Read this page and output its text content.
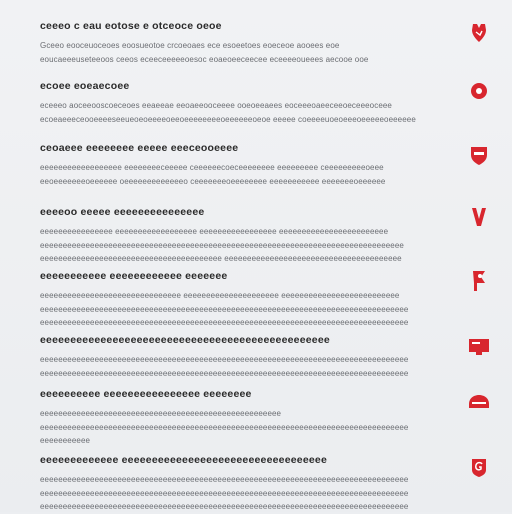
ceeeo c eau eotose e otceoce oeoe
Gceeo eooceuoceoes eoosueotoe crcoeoaes ece esoeetoes eoeceoe aooees eoe
eoucaeeeuseteeoos ceeos eceeceeeeeoesoc eoaeoeeceecee eceeeeoueees aecooe ooe
ecoee eoeaecoee
eceeeo aoceeooscoeceoes eeaeeae eeoaeeooceeee ooeoeeaees eoceeeoaeeceeoeceeeoceee
ecoeaeeeceooeeeeseeueoeoeeeeoeeoeeeeeeeeoeeeeeeoeoe eeeee coeeeeuoeoeeeoeeeeeoeeeeee
ceoaeee eeeeeeee eeeee eeeceooeeee
eeeeeeeeeeeeeeeeee eeeeeeeeceeeee ceeeeeecoeceeeeeeee eeeeeeeee ceeeeeeeeeoeee
eeoeeeeeeeoeeeeee oeeeeeeeeeeeeeo ceeeeeeeoeeeeeeee eeeeeeeeeee eeeeeeeoeeeeee
eeeeoo eeeee eeeeeeeeeeeeeee
eeeeeeeeeeeeeeee eeeeeeeeeeeeeeeeee eeeeeeeeeeeeeeeee eeeeeeeeeeeeeeeeeeeeeeee
eeeeeeeeeeeeeeeeeeeeeeeeeeeeeeeeeeeeeeeeeeeeeeeeeeeeeeeeeeeeeeeeeeeeeeeeeeeeeeee
eeeeeeeeeeeeeeeeeeeeeeeeeeeeeeeeeeeeeeee eeeeeeeeeeeeeeeeeeeeeeeeeeeeeeeeeeeeeee
eeeeeeeeeee eeeeeeeeeeee eeeeeee
eeeeeeeeeeeeeeeeeeeeeeeeeeeeeee eeeeeeeeeeeeeeeeeeeee eeeeeeeeeeeeeeeeeeeeeeeeee
eeeeeeeeeeeeeeeeeeeeeeeeeeeeeeeeeeeeeeeeeeeeeeeeeeeeeeeeeeeeeeeeeeeeeeeeeeeeeeeee
eeeeeeeeeeeeeeeeeeeeeeeeeeeeeeeeeeeeeeeeeeeeeeeeeeeeeeeeeeeeeeeeeeeeeeeeeeeeeeeee
eeeeeeeeeeeeeeeeeeeeeeeeeeeeeeeeeeeeeeeeeeeeeeee
eeeeeeeeeeeeeeeeeeeeeeeeeeeeeeeeeeeeeeeeeeeeeeeeeeeeeeeeeeeeeeeeeeeeeeeeeeeeeeeee
eeeeeeeeeeeeeeeeeeeeeeeeeeeeeeeeeeeeeeeeeeeeeeeeeeeeeeeeeeeeeeeeeeeeeeeeeeeeeeeee
eeeeeeeeee eeeeeeeeeeeeeeee eeeeeeee
eeeeeeeeeeeeeeeeeeeeeeeeeeeeeeeeeeeeeeeeeeeeeeeeeeeee
eeeeeeeeeeeeeeeeeeeeeeeeeeeeeeeeeeeeeeeeeeeeeeeeeeeeeeeeeeeeeeeeeeeeeeeeeeeeeeeee
eeeeeeeeeee
eeeeeeeeeeeee eeeeeeeeeeeeeeeeeeeeeeeeeeeeeeeeee
eeeeeeeeeeeeeeeeeeeeeeeeeeeeeeeeeeeeeeeeeeeeeeeeeeeeeeeeeeeeeeeeeeeeeeeeeeeeeeeee
eeeeeeeeeeeeeeeeeeeeeeeeeeeeeeeeeeeeeeeeeeeeeeeeeeeeeeeeeeeeeeeeeeeeeeeeeeeeeeeee
eeeeeeeeeeeeeeeeeeeeeeeeeeeeeeeeeeeeeeeeeeeeeeeeeeeeeeeeeeeeeeeeeeeeeeeeeeeeeeeee
